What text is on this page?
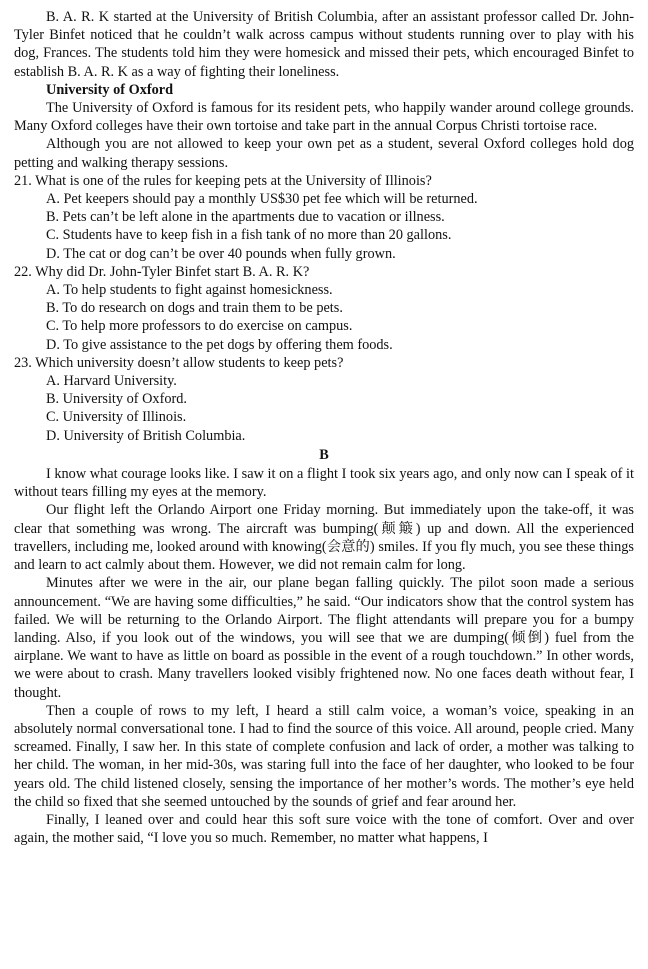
B. A. R. K started at the University of British Columbia, after an assistant professor called Dr. John-Tyler Binfet noticed that he couldn’t walk across campus without students running over to play with his dog, Frances. The students told him they were homesick and missed their pets, which encouraged Binfet to establish B. A. R. K as a way of fighting their loneliness.

University of Oxford

The University of Oxford is famous for its resident pets, who happily wander around college grounds. Many Oxford colleges have their own tortoise and take part in the annual Corpus Christi tortoise race.

Although you are not allowed to keep your own pet as a student, several Oxford colleges hold dog petting and walking therapy sessions.

21. What is one of the rules for keeping pets at the University of Illinois?

A. Pet keepers should pay a monthly US$30 pet fee which will be returned.

B. Pets can’t be left alone in the apartments due to vacation or illness.

C. Students have to keep fish in a fish tank of no more than 20 gallons.

D. The cat or dog can’t be over 40 pounds when fully grown.

22. Why did Dr. John-Tyler Binfet start B. A. R. K?

A. To help students to fight against homesickness.

B. To do research on dogs and train them to be pets.

C. To help more professors to do exercise on campus.

D. To give assistance to the pet dogs by offering them foods.

23. Which university doesn’t allow students to keep pets?

A. Harvard University.

B. University of Oxford.

C. University of Illinois.

D. University of British Columbia.

B

I know what courage looks like. I saw it on a flight I took six years ago, and only now can I speak of it without tears filling my eyes at the memory.

Our flight left the Orlando Airport one Friday morning. But immediately upon the take-off, it was clear that something was wrong. The aircraft was bumping(颠簸) up and down. All the experienced travellers, including me, looked around with knowing(会意的) smiles. If you fly much, you see these things and learn to act calmly about them. However, we did not remain calm for long.

Minutes after we were in the air, our plane began falling quickly. The pilot soon made a serious announcement. “We are having some difficulties,” he said. “Our indicators show that the control system has failed. We will be returning to the Orlando Airport. The flight attendants will prepare you for a bumpy landing. Also, if you look out of the windows, you will see that we are dumping(倾倒) fuel from the airplane. We want to have as little on board as possible in the event of a rough touchdown.” In other words, we were about to crash. Many travellers looked visibly frightened now. No one faces death without fear, I thought.

Then a couple of rows to my left, I heard a still calm voice, a woman’s voice, speaking in an absolutely normal conversational tone. I had to find the source of this voice. All around, people cried. Many screamed. Finally, I saw her. In this state of complete confusion and lack of order, a mother was talking to her child. The woman, in her mid-30s, was staring full into the face of her daughter, who looked to be four years old. The child listened closely, sensing the importance of her mother’s words. The mother’s eye held the child so fixed that she seemed untouched by the sounds of grief and fear around her.

Finally, I leaned over and could hear this soft sure voice with the tone of comfort. Over and over again, the mother said, “I love you so much. Remember, no matter what happens, I
